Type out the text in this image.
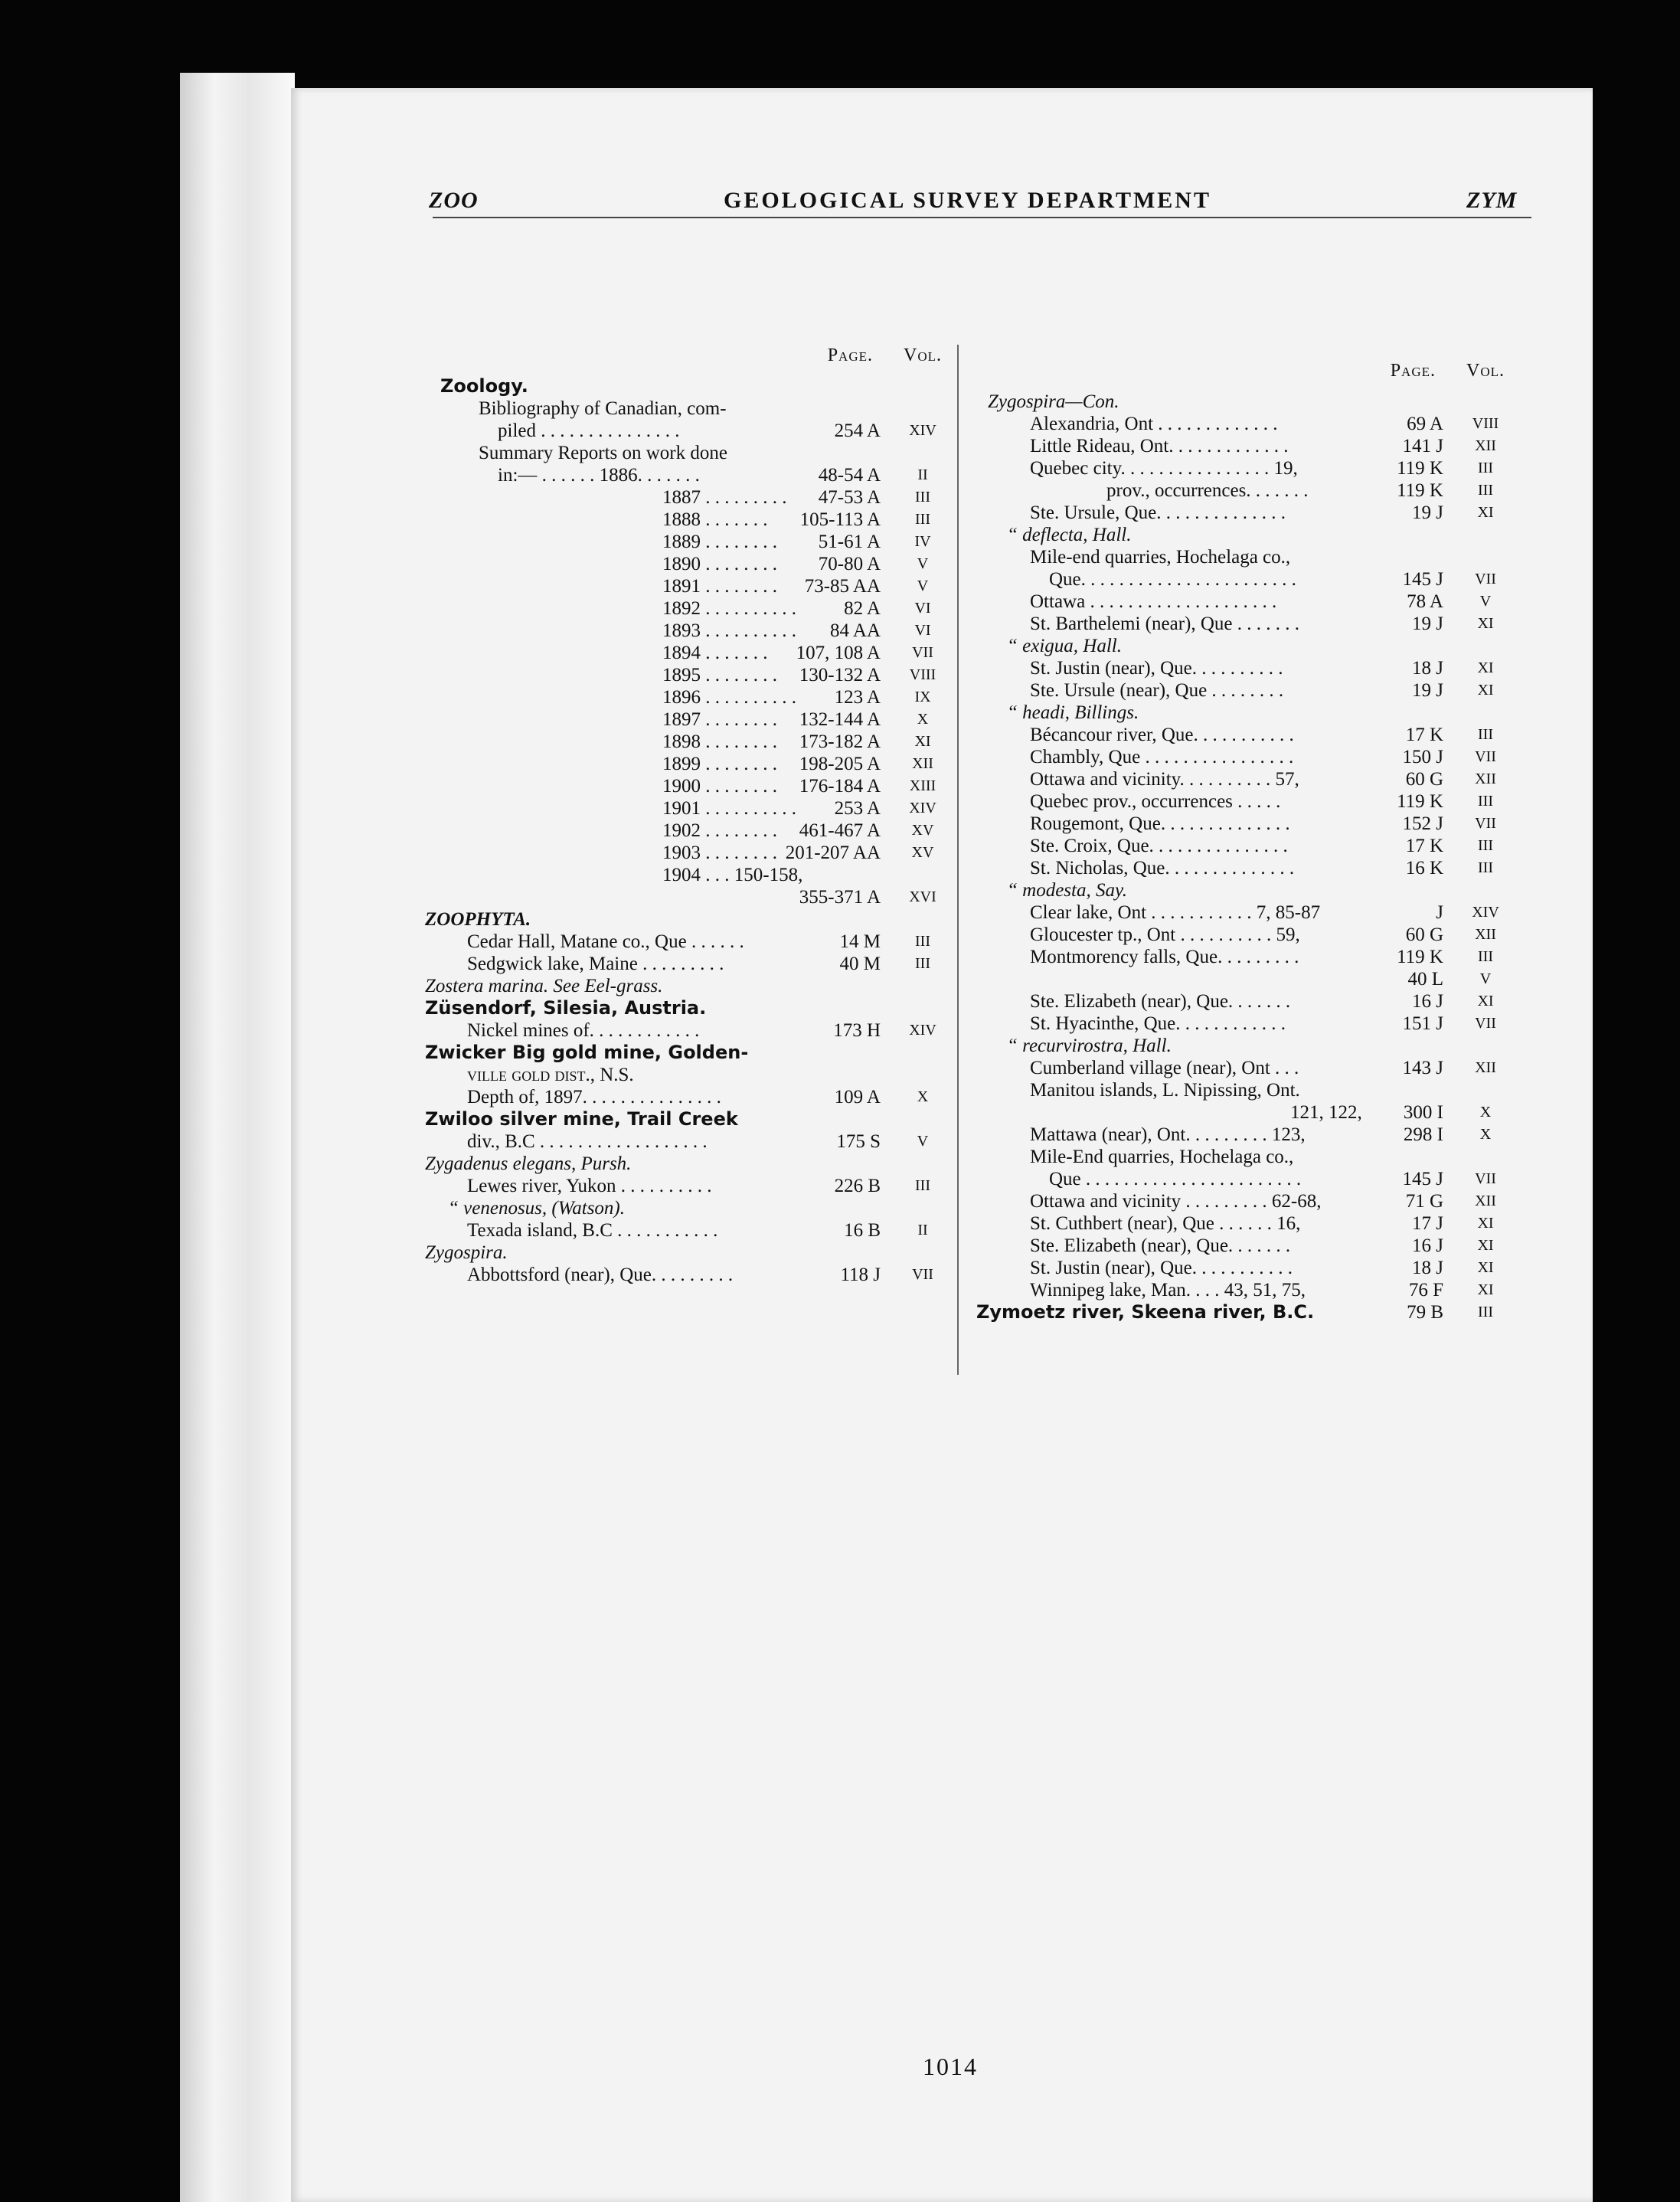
ZOO	GEOLOGICAL SURVEY DEPARTMENT	ZYM
Page.	Vol.
Zoology.
Bibliography of Canadian, com-
piled . . . . . . . . . . . . . . .	254 A	XIV
Summary Reports on work done
in:— . . . . . . 1886. . . . . . .	48-54 A	II
1887 . . . . . . . . . 47-53 A	III
1888 . . . . . . . 105-113 A	III
1889 . . . . . . . . 51-61 A	IV
1890 . . . . . . . . 70-80 A	V
1891 . . . . . . . . 73-85 AA	V
1892 . . . . . . . . . . 82 A	VI
1893 . . . . . . . . . . 84 AA	VI
1894 . . . . . . . 107, 108 A	VII
1895 . . . . . . . . 130-132 A	VIII
1896 . . . . . . . . . . 123 A	IX
1897 . . . . . . . . 132-144 A	X
1898 . . . . . . . . 173-182 A	XI
1899 . . . . . . . . 198-205 A	XII
1900 . . . . . . . . 176-184 A	XIII
1901 . . . . . . . . . . 253 A	XIV
1902 . . . . . . . . 461-467 A	XV
1903 . . . . . . . . 201-207 AA	XV
1904 . . . 150-158,
355-371 A	XVI
ZOOPHYTA.
Cedar Hall, Matane co., Que . . . . . .	14 M	III
Sedgwick lake, Maine . . . . . . . . .	40 M	III
Zostera marina. See Eel-grass.
Züsendorf, Silesia, Austria.
Nickel mines of. . . . . . . . . . . .	173 H	XIV
Zwicker Big gold mine, Golden-
ville gold dist., N.S.
Depth of, 1897. . . . . . . . . . . . . . .	109 A	X
Zwiloo silver mine, Trail Creek
div., B.C . . . . . . . . . . . . . . . . . .	175 S	V
Zygadenus elegans, Pursh.
Lewes river, Yukon . . . . . . . . . .	226 B	III
“ venenosus, (Watson).
Texada island, B.C . . . . . . . . . . .	16 B	II
Zygospira.
Abbottsford (near), Que. . . . . . . . .	118 J	VII
Page.	Vol.
Zygospira—Con.
Alexandria, Ont . . . . . . . . . . . . .	69 A	VIII
Little Rideau, Ont. . . . . . . . . . . . .	141 J	XII
Quebec city. . . . . . . . . . . . . . . . 19,	119 K	III
prov., occurrences. . . . . . .	119 K	III
Ste. Ursule, Que. . . . . . . . . . . . . .	19 J	XI
“ deflecta, Hall.
Mile-end quarries, Hochelaga co.,
Que. . . . . . . . . . . . . . . . . . . . . . .	145 J	VII
Ottawa . . . . . . . . . . . . . . . . . . . .	78 A	V
St. Barthelemi (near), Que . . . . . . .	19 J	XI
“ exigua, Hall.
St. Justin (near), Que. . . . . . . . . .	18 J	XI
Ste. Ursule (near), Que . . . . . . . .	19 J	XI
“ headi, Billings.
Bécancour river, Que. . . . . . . . . . .	17 K	III
Chambly, Que . . . . . . . . . . . . . . . .	150 J	VII
Ottawa and vicinity. . . . . . . . . . 57,	60 G	XII
Quebec prov., occurrences . . . . .	119 K	III
Rougemont, Que. . . . . . . . . . . . . .	152 J	VII
Ste. Croix, Que. . . . . . . . . . . . . . .	17 K	III
St. Nicholas, Que. . . . . . . . . . . . . .	16 K	III
“ modesta, Say.
Clear lake, Ont . . . . . . . . . . . 7, 85-87	J	XIV
Gloucester tp., Ont . . . . . . . . . . 59,	60 G	XII
Montmorency falls, Que. . . . . . . . .	119 K	III
40 L	V
Ste. Elizabeth (near), Que. . . . . . .	16 J	XI
St. Hyacinthe, Que. . . . . . . . . . . .	151 J	VII
“ recurvirostra, Hall.
Cumberland village (near), Ont . . .	143 J	XII
Manitou islands, L. Nipissing, Ont.
121, 122, 300 I	X
Mattawa (near), Ont. . . . . . . . . 123,	298 I	X
Mile-End quarries, Hochelaga co.,
Que . . . . . . . . . . . . . . . . . . . . . . .	145 J	VII
Ottawa and vicinity . . . . . . . . . 62-68,	71 G	XII
St. Cuthbert (near), Que . . . . . . 16,	17 J	XI
Ste. Elizabeth (near), Que. . . . . . .	16 J	XI
St. Justin (near), Que. . . . . . . . . . .	18 J	XI
Winnipeg lake, Man. . . . 43, 51, 75,	76 F	XI
Zymoetz river, Skeena river, B.C.	79 B	III
1014
